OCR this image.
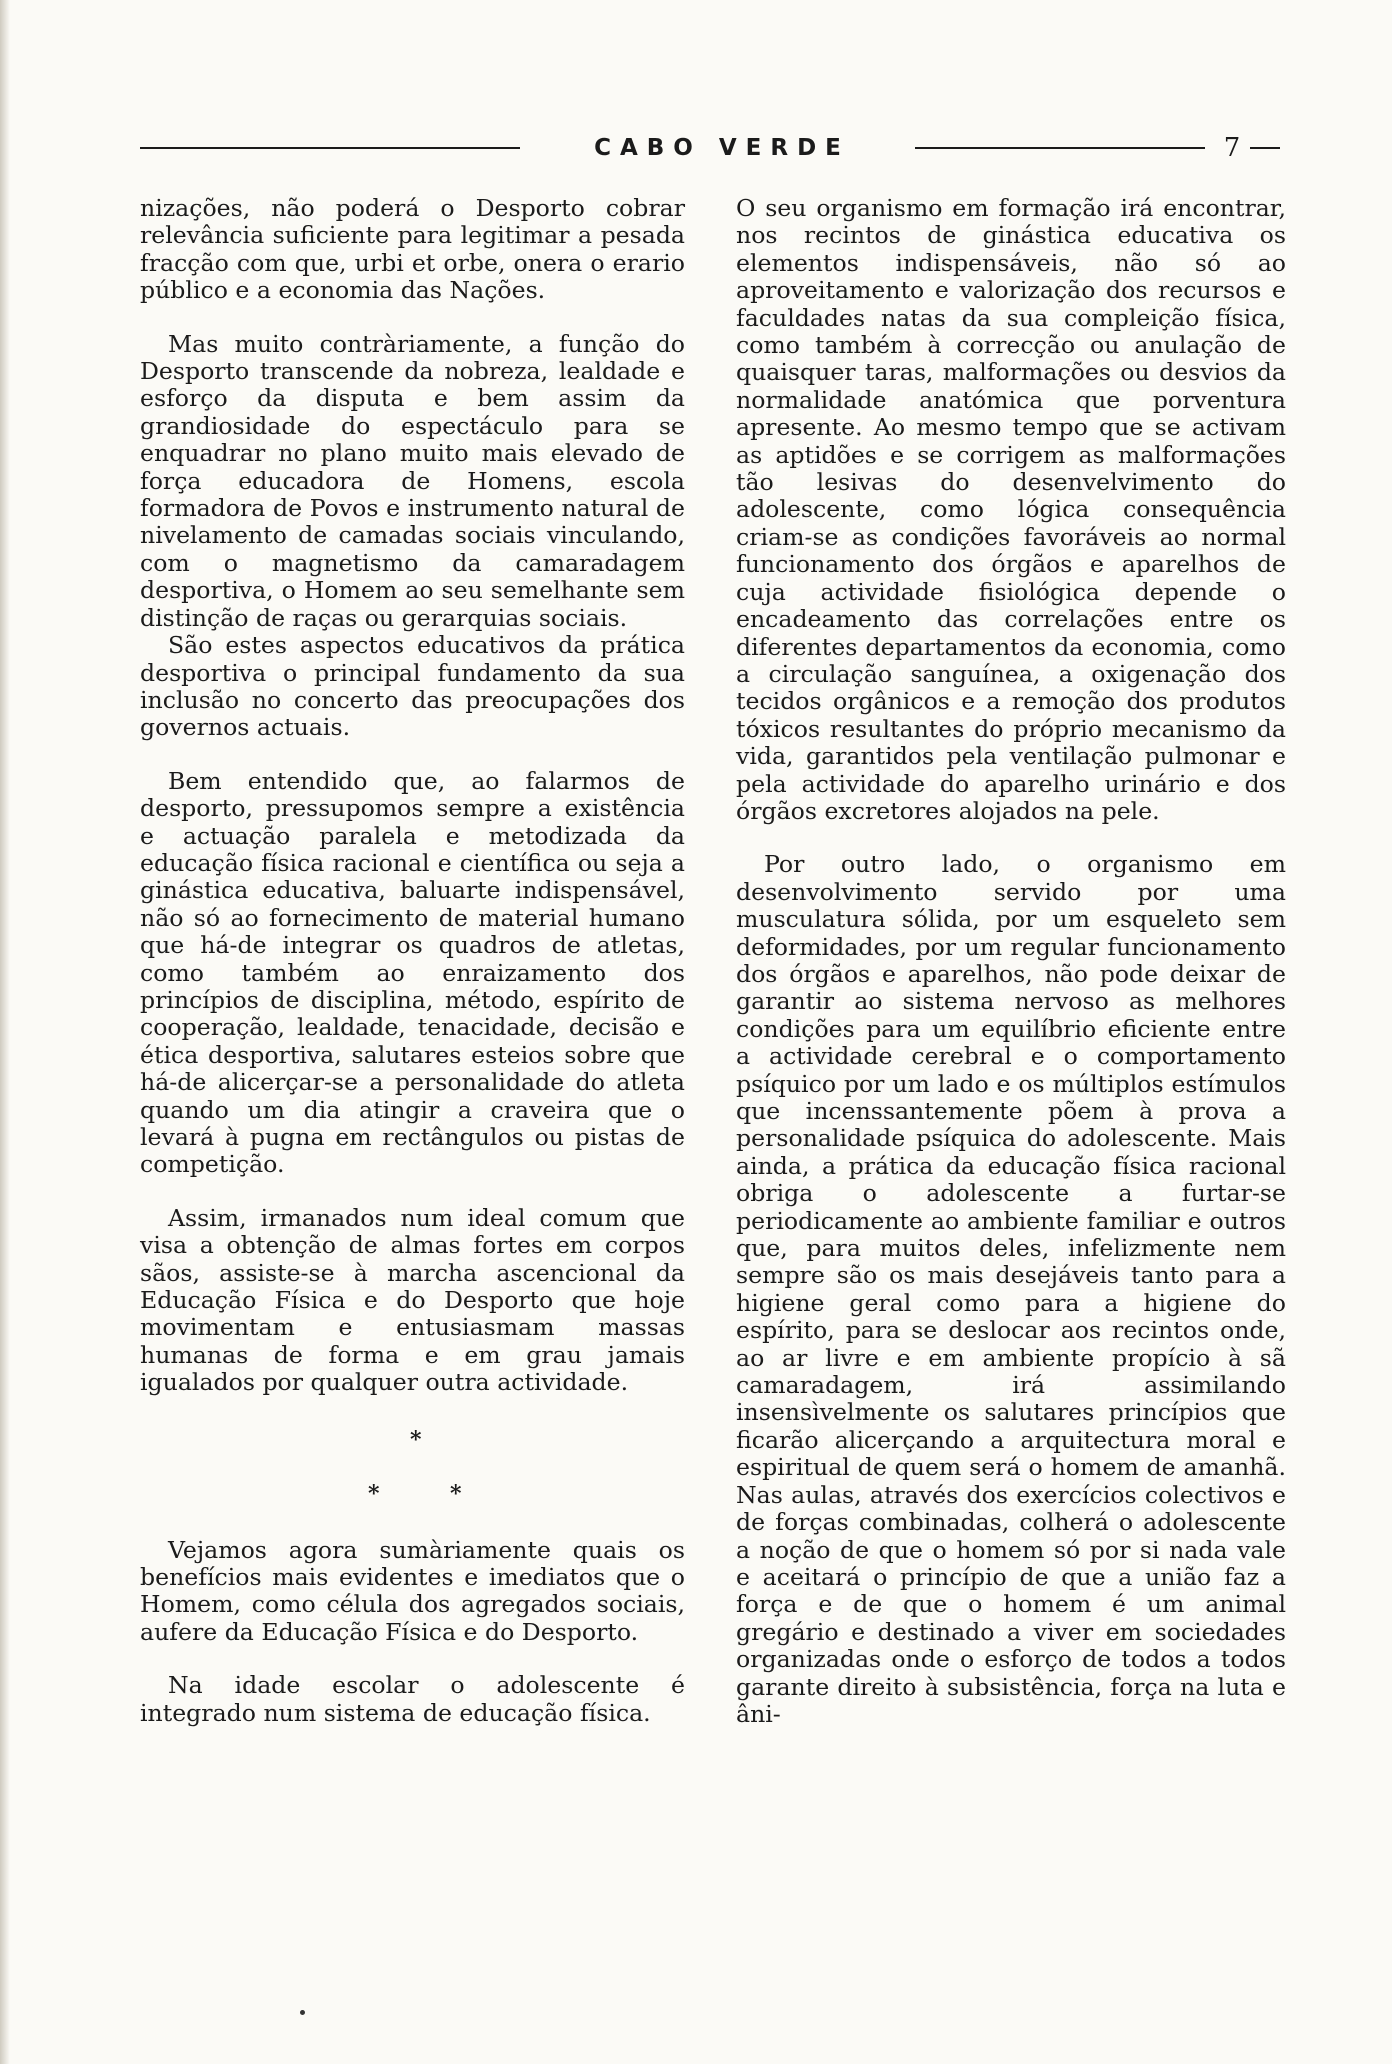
CABO VERDE	7

nizações, não poderá o Desporto cobrar relevância suficiente para legitimar a pesada fracção com que, urbi et orbe, onera o erario público e a economia das Nações.

Mas muito contràriamente, a função do Desporto transcende da nobreza, lealdade e esforço da disputa e bem assim da grandiosidade do espectáculo para se enquadrar no plano muito mais elevado de força educadora de Homens, escola formadora de Povos e instrumento natural de nivelamento de camadas sociais vinculando, com o magnetismo da camaradagem desportiva, o Homem ao seu semelhante sem distinção de raças ou gerarquias sociais.

São estes aspectos educativos da prática desportiva o principal fundamento da sua inclusão no concerto das preocupações dos governos actuais.

Bem entendido que, ao falarmos de desporto, pressupomos sempre a existência e actuação paralela e metodizada da educação física racional e científica ou seja a ginástica educativa, baluarte indispensável, não só ao fornecimento de material humano que há-de integrar os quadros de atletas, como também ao enraizamento dos princípios de disciplina, método, espírito de cooperação, lealdade, tenacidade, decisão e ética desportiva, salutares esteios sobre que há-de alicerçar-se a personalidade do atleta quando um dia atingir a craveira que o levará à pugna em rectângulos ou pistas de competição.

Assim, irmanados num ideal comum que visa a obtenção de almas fortes em corpos sãos, assiste-se à marcha ascencional da Educação Física e do Desporto que hoje movimentam e entusiasmam massas humanas de forma e em grau jamais igualados por qualquer outra actividade.

*
*	*

Vejamos agora sumàriamente quais os benefícios mais evidentes e imediatos que o Homem, como célula dos agregados sociais, aufere da Educação Física e do Desporto.

Na idade escolar o adolescente é integrado num sistema de educação física.

O seu organismo em formação irá encontrar, nos recintos de ginástica educativa os elementos indispensáveis, não só ao aproveitamento e valorização dos recursos e faculdades natas da sua compleição física, como também à correcção ou anulação de quaisquer taras, malformações ou desvios da normalidade anatómica que porventura apresente. Ao mesmo tempo que se activam as aptidões e se corrigem as malformações tão lesivas do desenvelvimento do adolescente, como lógica consequência criam-se as condições favoráveis ao normal funcionamento dos órgãos e aparelhos de cuja actividade fisiológica depende o encadeamento das correlações entre os diferentes departamentos da economia, como a circulação sanguínea, a oxigenação dos tecidos orgânicos e a remoção dos produtos tóxicos resultantes do próprio mecanismo da vida, garantidos pela ventilação pulmonar e pela actividade do aparelho urinário e dos órgãos excretores alojados na pele.

Por outro lado, o organismo em desenvolvimento servido por uma musculatura sólida, por um esqueleto sem deformidades, por um regular funcionamento dos órgãos e aparelhos, não pode deixar de garantir ao sistema nervoso as melhores condições para um equilíbrio eficiente entre a actividade cerebral e o comportamento psíquico por um lado e os múltiplos estímulos que incenssantemente põem à prova a personalidade psíquica do adolescente. Mais ainda, a prática da educação física racional obriga o adolescente a furtar-se periodicamente ao ambiente familiar e outros que, para muitos deles, infelizmente nem sempre são os mais desejáveis tanto para a higiene geral como para a higiene do espírito, para se deslocar aos recintos onde, ao ar livre e em ambiente propício à sã camaradagem, irá assimilando insensìvelmente os salutares princípios que ficarão alicerçando a arquitectura moral e espiritual de quem será o homem de amanhã. Nas aulas, através dos exercícios colectivos e de forças combinadas, colherá o adolescente a noção de que o homem só por si nada vale e aceitará o princípio de que a união faz a força e de que o homem é um animal gregário e destinado a viver em sociedades organizadas onde o esforço de todos a todos garante direito à subsistência, força na luta e âni-
